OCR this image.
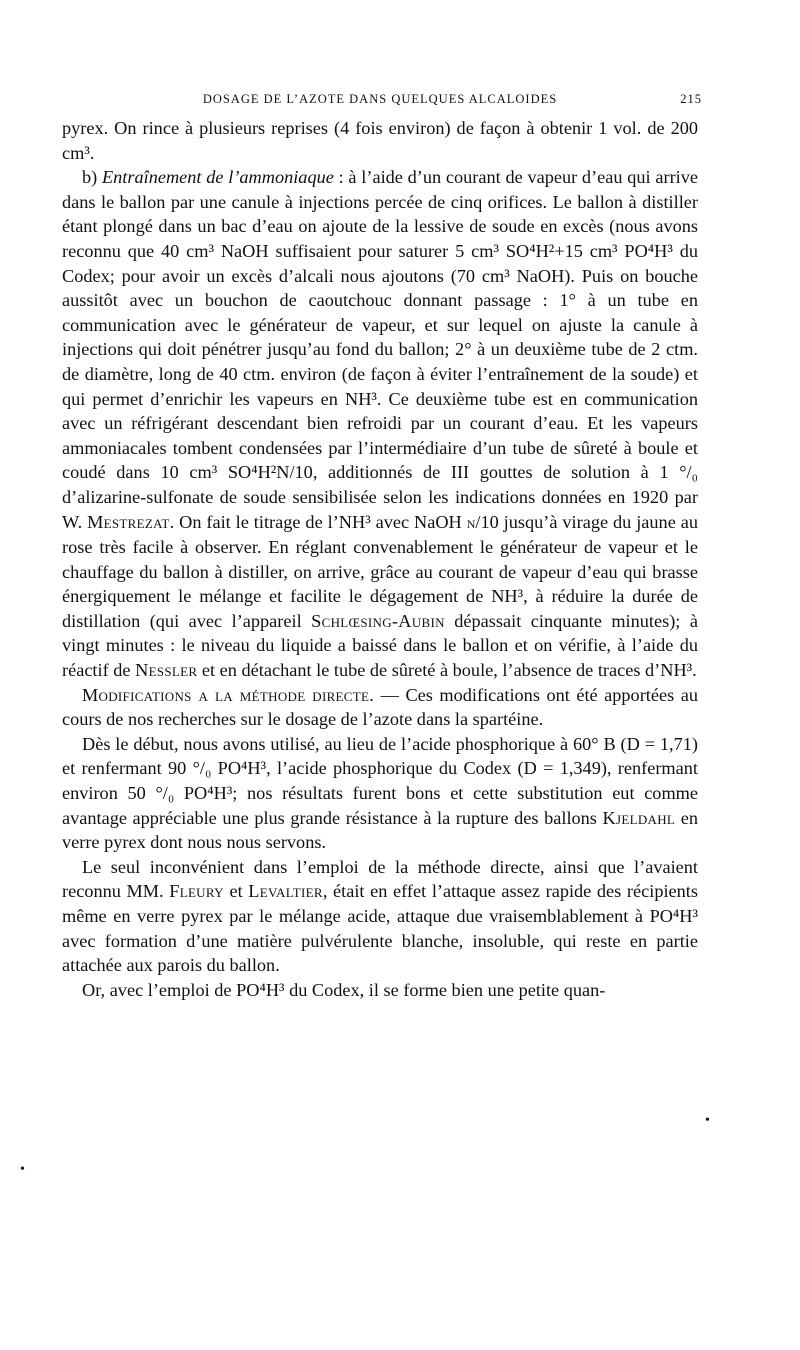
DOSAGE DE L’AZOTE DANS QUELQUES ALCALOIDES	215

pyrex. On rince à plusieurs reprises (4 fois environ) de façon à obtenir 1 vol. de 200 cm³.

b) Entraînement de l’ammoniaque : à l’aide d’un courant de vapeur d’eau qui arrive dans le ballon par une canule à injections percée de cinq orifices. Le ballon à distiller étant plongé dans un bac d’eau on ajoute de la lessive de soude en excès (nous avons reconnu que 40 cm³ NaOH suffisaient pour saturer 5 cm³ SO⁴H²+15 cm³ PO⁴H³ du Codex; pour avoir un excès d’alcali nous ajoutons (70 cm³ NaOH). Puis on bouche aussitôt avec un bouchon de caoutchouc donnant passage : 1° à un tube en communication avec le générateur de vapeur, et sur lequel on ajuste la canule à injections qui doit pénétrer jusqu’au fond du ballon; 2° à un deuxième tube de 2 ctm. de diamètre, long de 40 ctm. environ (de façon à éviter l’entraînement de la soude) et qui permet d’enrichir les vapeurs en NH³. Ce deuxième tube est en communication avec un réfrigérant descendant bien refroidi par un courant d’eau. Et les vapeurs ammoniacales tombent condensées par l’intermédiaire d’un tube de sûreté à boule et coudé dans 10 cm³ SO⁴H²N/10, additionnés de III gouttes de solution à 1 °/₀ d’alizarine-sulfonate de soude sensibilisée selon les indications données en 1920 par W. Mestrezat. On fait le titrage de l’NH³ avec NaOH n/10 jusqu’à virage du jaune au rose très facile à observer. En réglant convenablement le générateur de vapeur et le chauffage du ballon à distiller, on arrive, grâce au courant de vapeur d’eau qui brasse énergiquement le mélange et facilite le dégagement de NH³, à réduire la durée de distillation (qui avec l’appareil Schlœsing-Aubin dépassait cinquante minutes); à vingt minutes : le niveau du liquide a baissé dans le ballon et on vérifie, à l’aide du réactif de Nessler et en détachant le tube de sûreté à boule, l’absence de traces d’NH³.

Modifications a la méthode directe. — Ces modifications ont été apportées au cours de nos recherches sur le dosage de l’azote dans la spartéine.

Dès le début, nous avons utilisé, au lieu de l’acide phosphorique à 60° B (D = 1,71) et renfermant 90 °/₀ PO⁴H³, l’acide phosphorique du Codex (D = 1,349), renfermant environ 50 °/₀ PO⁴H³; nos résultats furent bons et cette substitution eut comme avantage appréciable une plus grande résistance à la rupture des ballons Kjeldahl en verre pyrex dont nous nous servons.

Le seul inconvénient dans l’emploi de la méthode directe, ainsi que l’avaient reconnu MM. Fleury et Levaltier, était en effet l’attaque assez rapide des récipients même en verre pyrex par le mélange acide, attaque due vraisemblablement à PO⁴H³ avec formation d’une matière pulvérulente blanche, insoluble, qui reste en partie attachée aux parois du ballon.

Or, avec l’emploi de PO⁴H³ du Codex, il se forme bien une petite quan-

•
•
